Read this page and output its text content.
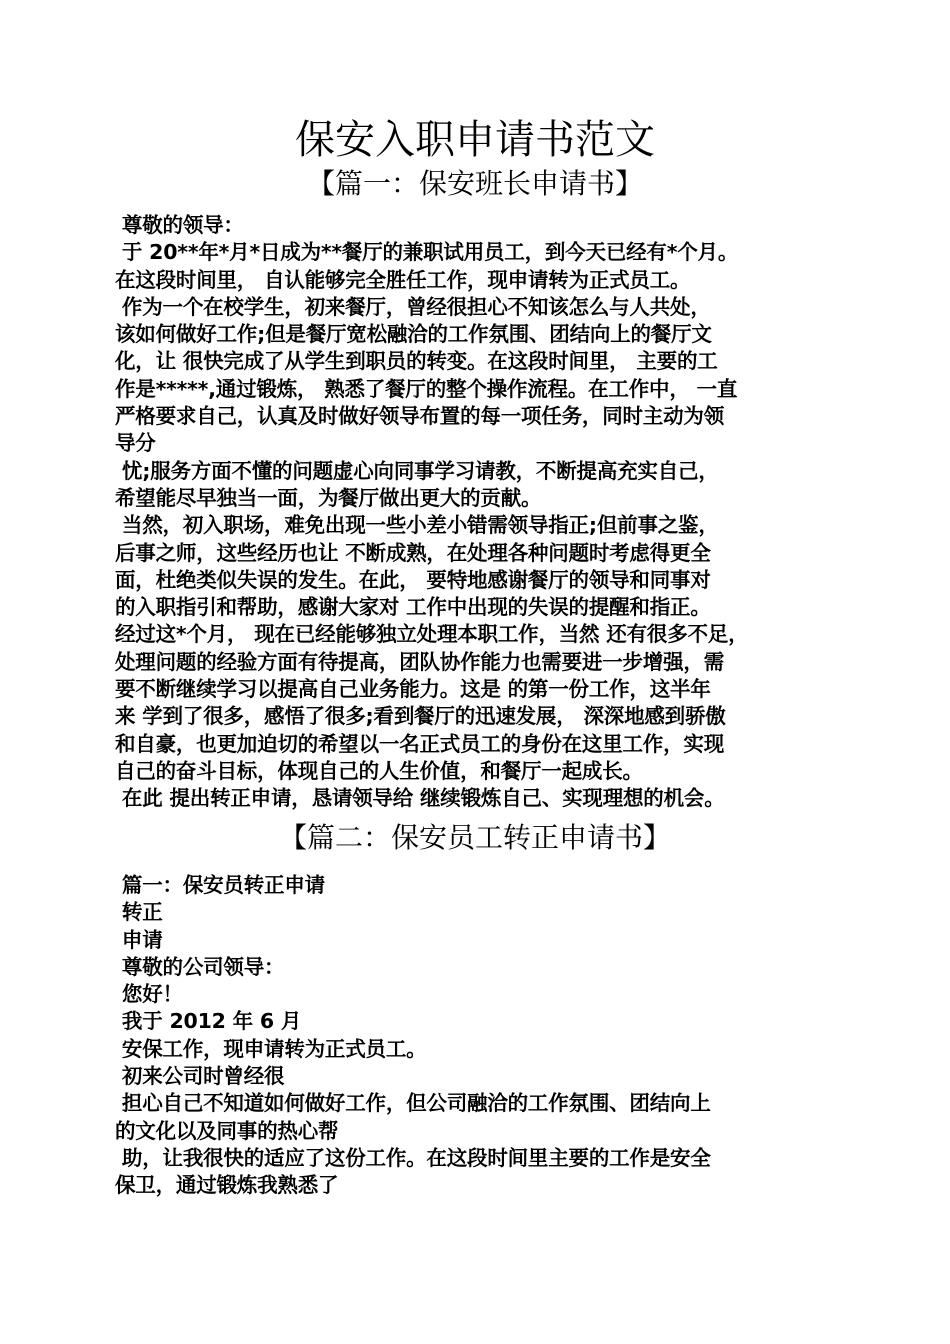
保安入职申请书范文
【篇一：保安班长申请书】

尊敬的领导：

于 20**年*月*日成为**餐厅的兼职试用员工，到今天已经有*个月。

在这段时间里， 自认能够完全胜任工作，现申请转为正式员工。

作为一个在校学生，初来餐厅，曾经很担心不知该怎么与人共处，

该如何做好工作;但是餐厅宽松融洽的工作氛围、团结向上的餐厅文

化，让 很快完成了从学生到职员的转变。在这段时间里， 主要的工

作是*****,通过锻炼， 熟悉了餐厅的整个操作流程。在工作中， 一直

严格要求自己，认真及时做好领导布置的每一项任务，同时主动为领

导分

忧;服务方面不懂的问题虚心向同事学习请教，不断提高充实自己，

希望能尽早独当一面，为餐厅做出更大的贡献。

当然，初入职场，难免出现一些小差小错需领导指正;但前事之鉴，

后事之师，这些经历也让 不断成熟，在处理各种问题时考虑得更全

面，杜绝类似失误的发生。在此， 要特地感谢餐厅的领导和同事对

的入职指引和帮助，感谢大家对 工作中出现的失误的提醒和指正。

经过这*个月， 现在已经能够独立处理本职工作，当然 还有很多不足，

处理问题的经验方面有待提高，团队协作能力也需要进一步增强，需

要不断继续学习以提高自己业务能力。这是 的第一份工作，这半年

来 学到了很多，感悟了很多;看到餐厅的迅速发展， 深深地感到骄傲

和自豪，也更加迫切的希望以一名正式员工的身份在这里工作，实现

自己的奋斗目标，体现自己的人生价值，和餐厅一起成长。

在此 提出转正申请，恳请领导给 继续锻炼自己、实现理想的机会。

【篇二：保安员工转正申请书】

篇一：保安员转正申请

转正

申请

尊敬的公司领导：

您好！

我于 2012 年 6 月

安保工作，现申请转为正式员工。

初来公司时曾经很

担心自己不知道如何做好工作，但公司融洽的工作氛围、团结向上

的文化以及同事的热心帮

助，让我很快的适应了这份工作。在这段时间里主要的工作是安全

保卫，通过锻炼我熟悉了
